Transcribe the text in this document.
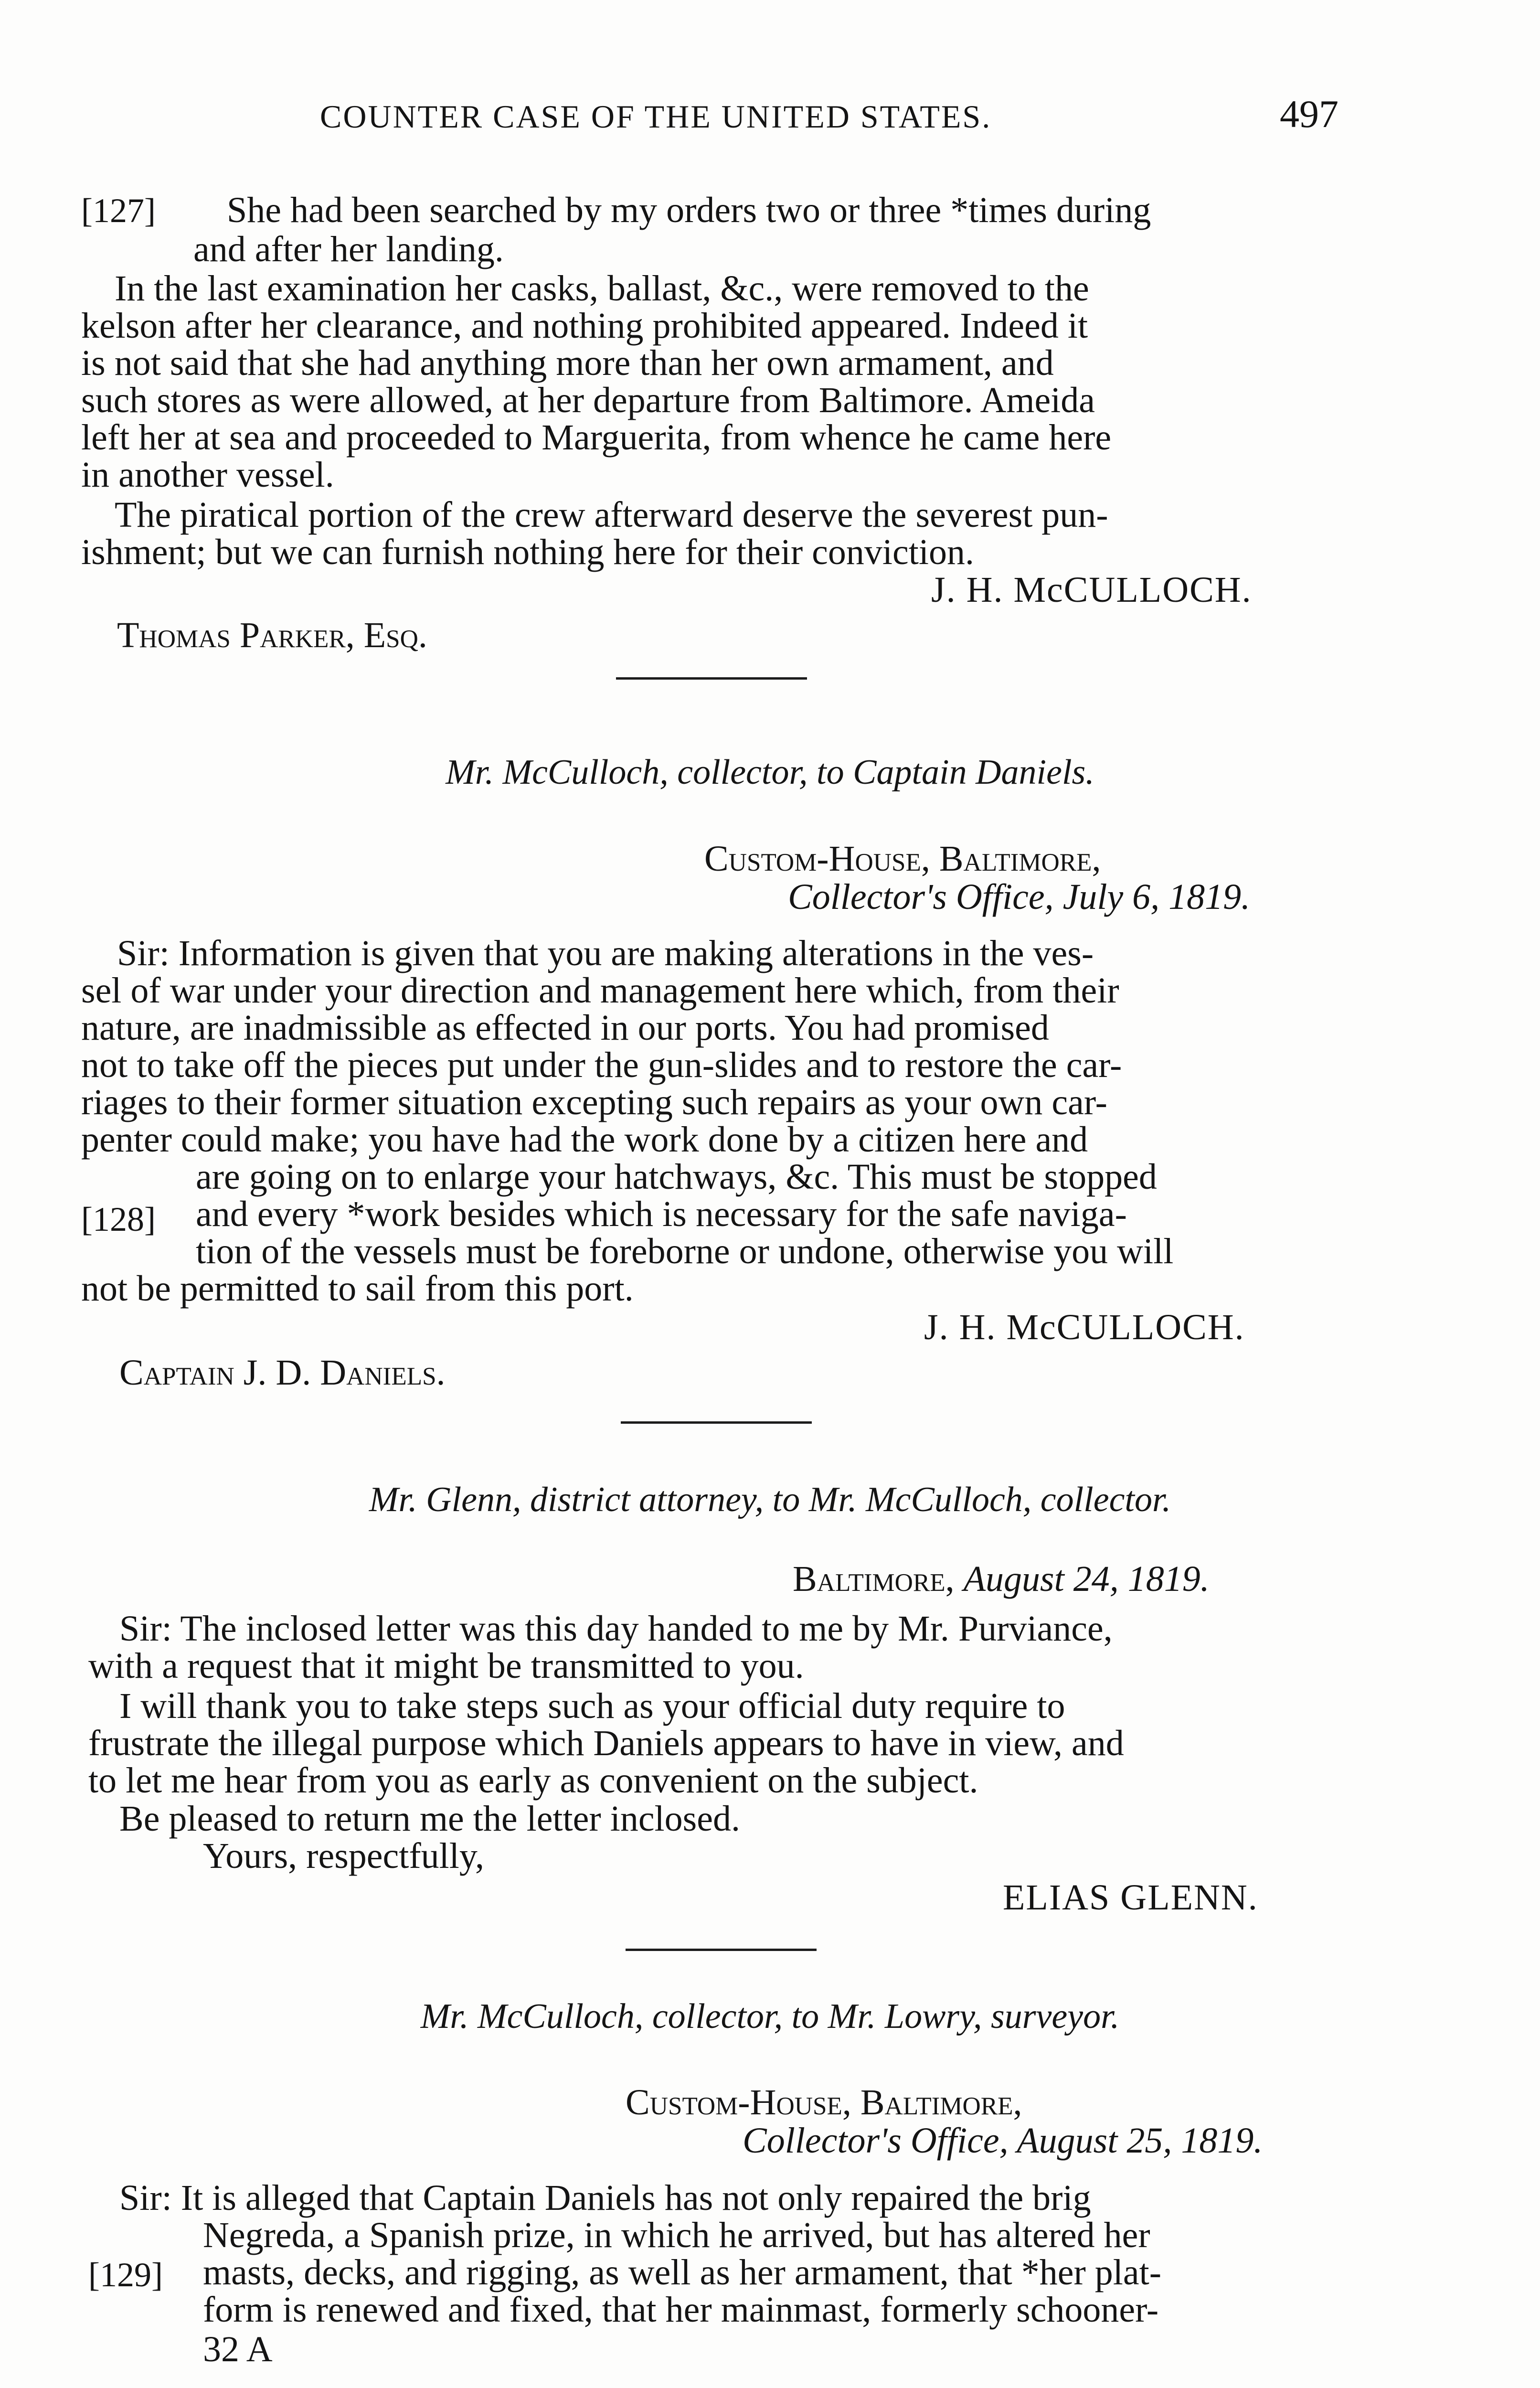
COUNTER CASE OF THE UNITED STATES.	497
[127] She had been searched by my orders two or three *times during
and after her landing.
In the last examination her casks, ballast, &c., were removed to the
kelson after her clearance, and nothing prohibited appeared. Indeed it
is not said that she had anything more than her own armament, and
such stores as were allowed, at her departure from Baltimore. Ameida
left her at sea and proceeded to Marguerita, from whence he came here
in another vessel.
The piratical portion of the crew afterward deserve the severest pun-
ishment; but we can furnish nothing here for their conviction.
J. H. McCULLOCH.
Thomas Parker, Esq.
Mr. McCulloch, collector, to Captain Daniels.
Custom-House, Baltimore,
Collector's Office, July 6, 1819.
Sir: Information is given that you are making alterations in the ves-
sel of war under your direction and management here which, from their
nature, are inadmissible as effected in our ports. You had promised
not to take off the pieces put under the gun-slides and to restore the car-
riages to their former situation excepting such repairs as your own car-
penter could make; you have had the work done by a citizen here and
are going on to enlarge your hatchways, &c. This must be stopped
[128] and every *work besides which is necessary for the safe naviga-
tion of the vessels must be foreborne or undone, otherwise you will
not be permitted to sail from this port.
J. H. McCULLOCH.
Captain J. D. Daniels.
Mr. Glenn, district attorney, to Mr. McCulloch, collector.
Baltimore, August 24, 1819.
Sir: The inclosed letter was this day handed to me by Mr. Purviance,
with a request that it might be transmitted to you.
I will thank you to take steps such as your official duty require to
frustrate the illegal purpose which Daniels appears to have in view, and
to let me hear from you as early as convenient on the subject.
Be pleased to return me the letter inclosed.
Yours, respectfully,
ELIAS GLENN.
Mr. McCulloch, collector, to Mr. Lowry, surveyor.
Custom-House, Baltimore,
Collector's Office, August 25, 1819.
Sir: It is alleged that Captain Daniels has not only repaired the brig
Negreda, a Spanish prize, in which he arrived, but has altered her
[129] masts, decks, and rigging, as well as her armament, that *her plat-
form is renewed and fixed, that her mainmast, formerly schooner-
32 A
